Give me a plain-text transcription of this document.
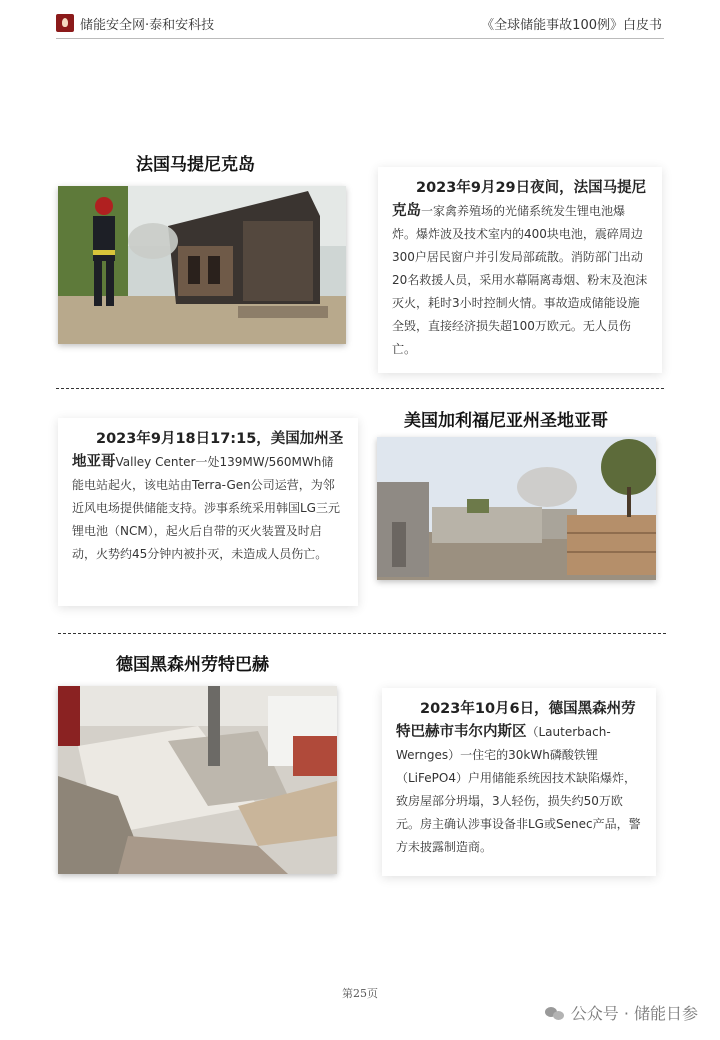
储能安全网·泰和安科技	《全球储能事故100例》白皮书
法国马提尼克岛

2023年9月29日夜间，法国马提尼克岛一家禽养殖场的光储系统发生锂电池爆炸。爆炸波及技术室内的400块电池，震碎周边300户居民窗户并引发局部疏散。消防部门出动20名救援人员，采用水幕隔离毒烟、粉末及泡沫灭火，耗时3小时控制火情。事故造成储能设施全毁，直接经济损失超100万欧元。无人员伤亡。

美国加利福尼亚州圣地亚哥

2023年9月18日17:15，美国加州圣地亚哥Valley Center一处139MW/560MWh储能电站起火，该电站由Terra-Gen公司运营，为邻近风电场提供储能支持。涉事系统采用韩国LG三元锂电池（NCM），起火后自带的灭火装置及时启动，火势约45分钟内被扑灭，未造成人员伤亡。

德国黑森州劳特巴赫

2023年10月6日，德国黑森州劳特巴赫市韦尔内斯区（Lauterbach-Wernges）一住宅的30kWh磷酸铁锂（LiFePO4）户用储能系统因技术缺陷爆炸，致房屋部分坍塌，3人轻伤，损失约50万欧元。房主确认涉事设备非LG或Senec产品，警方未披露制造商。

第25页
公众号 · 储能日参
